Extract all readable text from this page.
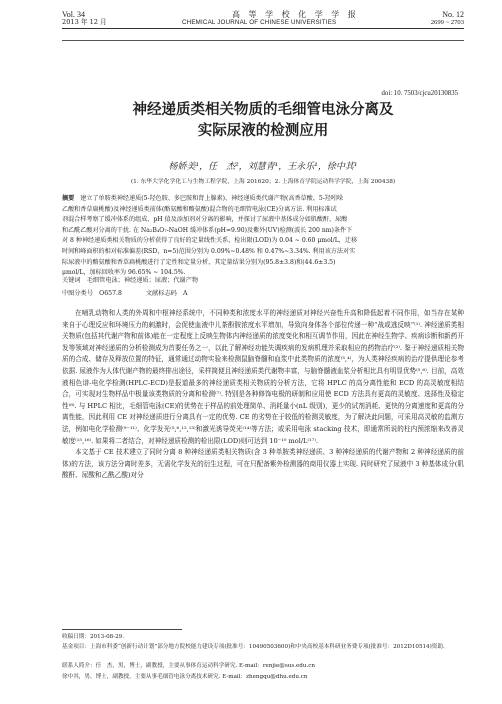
Vol. 34	高 等 学 校 化 学 学 报	No. 12
2013 年 12 月	CHEMICAL JOURNAL OF CHINESE UNIVERSITIES	2699 ~ 2703
doi: 10. 7503/cjcu20130835
神经递质类相关物质的毛细管电泳分离及
实际尿液的检测应用
杨娇美¹，任　杰²，刘慧青¹，王永乐¹，徐中其¹
(1. 东华大学化学化工与生物工程学院，上海 201620；2. 上海体育学院运动科学学院，上海 200438)
摘要　 建立了单胺类神经递质(5-羟色胺、多巴胺和肾上腺素)、神经递质类代谢产物(高香草酸、5-羟吲哚
乙酸和香草扁桃酸)及神经递质类前体(酪氨酸和酪氨酸)混合物的毛细管电泳(CE)分离方法. 利用标准试
剂混合样考察了缓冲体系的组成、pH 值及添加剂对分离的影响，并探讨了尿液中基体成分如肌酸酐、尿酸
和乙酰乙酸对分离的干扰. 在 Na₂B₄O₇-NaOH 缓冲体系(pH=9.90)及紫外(UV)检测(波长 200 nm)条件下
对 8 种神经递质类相关物质的分析获得了良好的定量线性关系，检出限(LOD)为 0.04 ~ 0.60 μmol/L，迁移
时间和峰面积的相对标准偏差(RSD，n=5)范围分别为 0.09%~0.48% 和 0.47%~3.34%. 利用该方法对实
际尿液中的酪氨酸和香草扁桃酸进行了定性和定量分析，其定量结果分别为(95.8±3.8)和(44.6±3.5)
μmol/L，加标回收率为 96.65% ~ 104.5%.
关键词　毛细管电泳；神经递质；尿液；代谢产物
中图分类号　O657.8	文献标志码　A

在哺乳动物和人类的外周和中枢神经系统中，不同种类和浓度水平的神经递质对神经兴奋性升高和降低起着不同作用，如当存在某种来自于心理反应和环境压力的刺激时，会促使血液中儿茶酚胺浓度水平增加，导致向身体各个部位传递一种“战或逃反映”⁽¹⁾. 神经递质类相关物质(包括其代谢产物和前体)能在一定程度上反映生物体内神经递质的浓度变化和相互调节作用，因此在神经生物学、疾病诊断和新药开发等领域对神经递质的分析检测成为首要任务之一，以此了解神经功能失调疾病的发病机理并采取相应的药物治疗⁽²⁾. 鉴于神经递质相关物质的合成、储存及释放位置的特征，通常通过动物实验来检测鼠脑脊髓和血浆中此类物质的浓度⁽³,⁴⁾，为人类神经疾病的治疗提供理论参考依据. 尿液作为人体代谢产物的最终排出途径，采样简便且神经递质类代谢物丰富，与脑脊髓液血浆分析相比具有明显优势⁽⁵,⁶⁾. 目前，高效液相色谱-电化学检测(HPLC-ECD)是报道最多的神经递质类相关物质的分析方法，它将 HPLC 的高分离性能和 ECD 的高灵敏度相结合，可实现对生物样品中极量该类物质的分离和检测⁽⁷⁾. 特别是各种修饰电极的研制和应用使 ECD 方法具有更高的灵敏度、选择性及稳定性⁽⁸⁾. 与 HPLC 相比，毛细管电泳(CE)的优势在于样品的前处理简单、消耗量小(nL 级别)，更少的试剂消耗、更快的分离速度和更高的分离性能，因此利用 CE 对神经递质进行分离具有一定的优势. CE 的劣势在于较低的检测灵敏度，为了解决此问题，可采用高灵敏的监测方法，例如电化学检测⁽⁹⁻¹¹⁾、化学发光⁽⁵,⁶,¹²,¹³⁾和激光诱导荧光⁽¹⁴⁾等方法；或采用电泳 stacking 技术，即通常所说的柱内预浓缩来改善灵敏度⁽¹⁵,¹⁶⁾. 如果将二者结合，对神经递质检测的检出限(LOD)则可达到 10⁻¹⁰ mol/L⁽¹⁷⁾.

本文基于 CE 技术建立了同时分离 8 种神经递质类相关物质(含 3 种单胺类神经递质、3 种神经递质的代谢产物和 2 种神经递质的前体)的方法，该方法分离时差多，无需化学发光的衍生过程，可在只配备紫外检测器的商用仪器上实现. 同时研究了尿液中 3 种基体成分(肌酸酐、尿酸和乙酰乙酸)对分

收稿日期：2013-08-29.
基金项目：上海市科委“创新行动计划”部分地方院校能力建设专项(批准号：10490503600)和中央高校基本科研业务费专项(批准号：2012D10514)资助.
联系人简介：任　杰，男，博士，副教授，主要从事体育运动科学研究. E-mail：renjie@sus.edu.cn
徐中其，男，博士，副教授，主要从事毛细管电泳分离技术研究. E-mail：zhengqu@dhu.edu.cn
